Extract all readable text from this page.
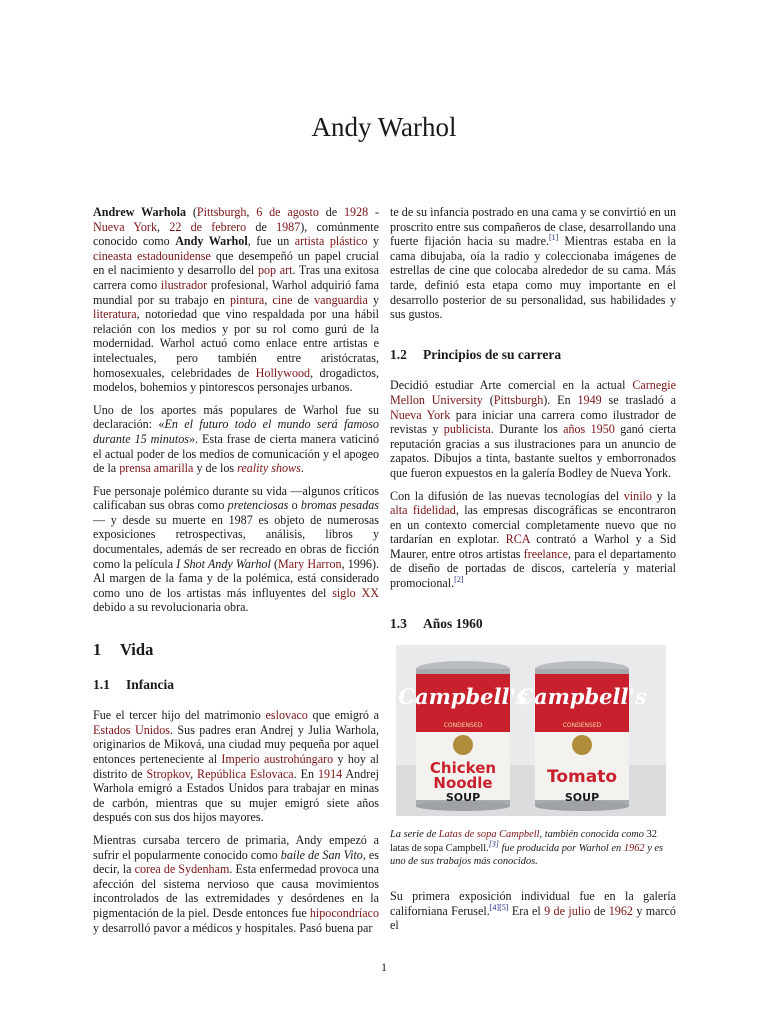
Andy Warhol

Andrew Warhola (Pittsburgh, 6 de agosto de 1928 - Nueva York, 22 de febrero de 1987), comúnmente conocido como Andy Warhol, fue un artista plástico y cineasta estadounidense que desempeñó un papel crucial en el nacimiento y desarrollo del pop art. Tras una exitosa carrera como ilustrador profesional, Warhol adquirió fama mundial por su trabajo en pintura, cine de vanguardia y literatura, notoriedad que vino respaldada por una hábil relación con los medios y por su rol como gurú de la modernidad. Warhol actuó como enlace entre artistas e intelectuales, pero también entre aristócratas, homosexuales, celebridades de Hollywood, drogadictos, modelos, bohemios y pintorescos personajes urbanos.

Uno de los aportes más populares de Warhol fue su declaración: «En el futuro todo el mundo será famoso durante 15 minutos». Esta frase de cierta manera vaticinó el actual poder de los medios de comunicación y el apogeo de la prensa amarilla y de los reality shows.

Fue personaje polémico durante su vida —algunos críticos calificaban sus obras como pretenciosas o bromas pesadas— y desde su muerte en 1987 es objeto de numerosas exposiciones retrospectivas, análisis, libros y documentales, además de ser recreado en obras de ficción como la película I Shot Andy Warhol (Mary Harron, 1996). Al margen de la fama y de la polémica, está considerado como uno de los artistas más influyentes del siglo XX debido a su revolucionaria obra.

1 Vida
1.1 Infancia

Fue el tercer hijo del matrimonio eslovaco que emigró a Estados Unidos. Sus padres eran Andrej y Julia Warhola, originarios de Miková, una ciudad muy pequeña por aquel entonces perteneciente al Imperio austrohúngaro y hoy al distrito de Stropkov, República Eslovaca. En 1914 Andrej Warhola emigró a Estados Unidos para trabajar en minas de carbón, mientras que su mujer emigró siete años después con sus dos hijos mayores.

Mientras cursaba tercero de primaria, Andy empezó a sufrir el popularmente conocido como baile de San Vito, es decir, la corea de Sydenham. Esta enfermedad provoca una afección del sistema nervioso que causa movimientos incontrolados de las extremidades y desórdenes en la pigmentación de la piel. Desde entonces fue hipocondríaco y desarrolló pavor a médicos y hospitales. Pasó buena par

te de su infancia postrado en una cama y se convirtió en un proscrito entre sus compañeros de clase, desarrollando una fuerte fijación hacia su madre.[1] Mientras estaba en la cama dibujaba, oía la radio y coleccionaba imágenes de estrellas de cine que colocaba alrededor de su cama. Más tarde, definió esta etapa como muy importante en el desarrollo posterior de su personalidad, sus habilidades y sus gustos.

1.2 Principios de su carrera

Decidió estudiar Arte comercial en la actual Carnegie Mellon University (Pittsburgh). En 1949 se trasladó a Nueva York para iniciar una carrera como ilustrador de revistas y publicista. Durante los años 1950 ganó cierta reputación gracias a sus ilustraciones para un anuncio de zapatos. Dibujos a tinta, bastante sueltos y emborronados que fueron expuestos en la galería Bodley de Nueva York.

Con la difusión de las nuevas tecnologías del vinilo y la alta fidelidad, las empresas discográficas se encontraron en un contexto comercial completamente nuevo que no tardarían en explotar. RCA contrató a Warhol y a Sid Maurer, entre otros artistas freelance, para el departamento de diseño de portadas de discos, cartelería y material promocional.[2]

1.3 Años 1960
Campbell's
CONDENSED
Chicken
Noodle
SOUP
Campbell's
CONDENSED
Tomato
SOUP

La serie de Latas de sopa Campbell, también conocida como 32 latas de sopa Campbell.[3] fue producida por Warhol en 1962 y es uno de sus trabajos más conocidos.

Su primera exposición individual fue en la galería californiana Ferusel.[4][5] Era el 9 de julio de 1962 y marcó el

1
